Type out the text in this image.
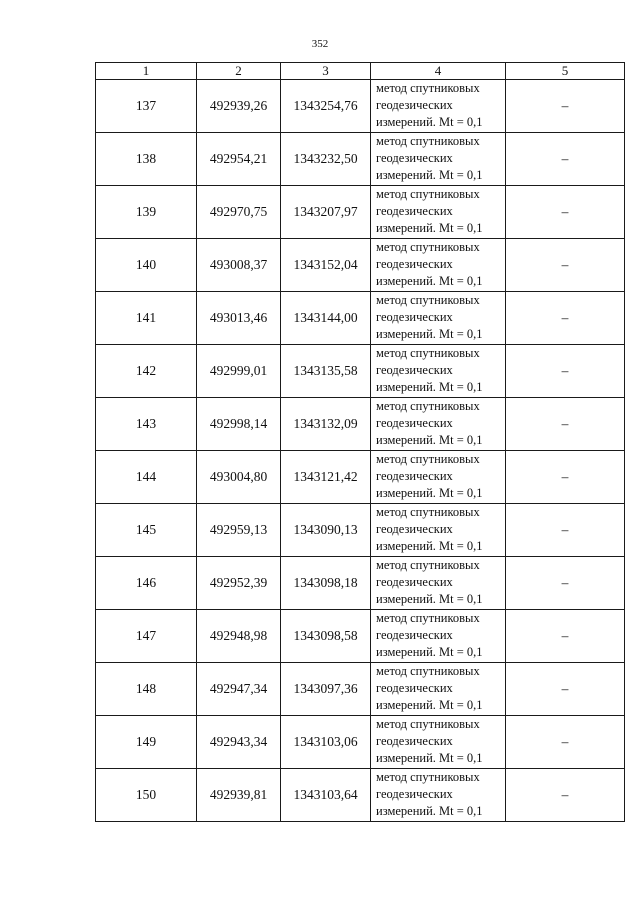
352
1	2	3	4	5
137	492939,26	1343254,76	метод спутниковых
геодезических
измерений. Mt = 0,1	–
138	492954,21	1343232,50	метод спутниковых
геодезических
измерений. Mt = 0,1	–
139	492970,75	1343207,97	метод спутниковых
геодезических
измерений. Mt = 0,1	–
140	493008,37	1343152,04	метод спутниковых
геодезических
измерений. Mt = 0,1	–
141	493013,46	1343144,00	метод спутниковых
геодезических
измерений. Mt = 0,1	–
142	492999,01	1343135,58	метод спутниковых
геодезических
измерений. Mt = 0,1	–
143	492998,14	1343132,09	метод спутниковых
геодезических
измерений. Mt = 0,1	–
144	493004,80	1343121,42	метод спутниковых
геодезических
измерений. Mt = 0,1	–
145	492959,13	1343090,13	метод спутниковых
геодезических
измерений. Mt = 0,1	–
146	492952,39	1343098,18	метод спутниковых
геодезических
измерений. Mt = 0,1	–
147	492948,98	1343098,58	метод спутниковых
геодезических
измерений. Mt = 0,1	–
148	492947,34	1343097,36	метод спутниковых
геодезических
измерений. Mt = 0,1	–
149	492943,34	1343103,06	метод спутниковых
геодезических
измерений. Mt = 0,1	–
150	492939,81	1343103,64	метод спутниковых
геодезических
измерений. Mt = 0,1	–
